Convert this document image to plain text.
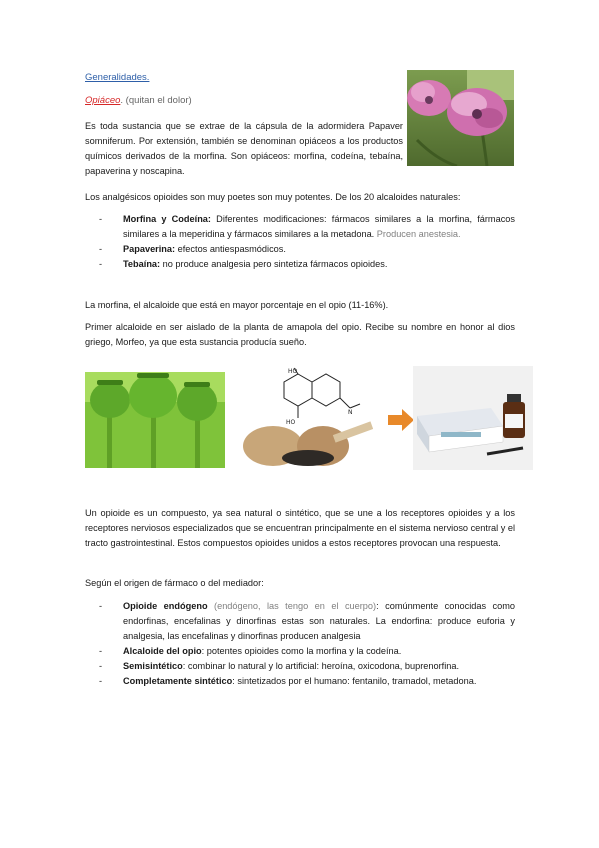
Generalidades.
Opiáceo. (quitan el dolor)
Es toda sustancia que se extrae de la cápsula de la adormidera Papaver somniferum. Por extensión, también se denominan opiáceos a los productos químicos derivados de la morfina. Son opiáceos: morfina, codeína, tebaína, papaverina y noscapina.
Los analgésicos opioides son muy poetes son muy potentes. De los 20 alcaloides naturales:
- Morfina y Codeína: Diferentes modificaciones: fármacos similares a la morfina, fármacos similares a la meperidina y fármacos similares a la metadona. Producen anestesia.
- Papaverina: efectos antiespasmódicos.
- Tebaína: no produce analgesia pero sintetiza fármacos opioides.
La morfina, el alcaloide que está en mayor porcentaje en el opio (11-16%).
Primer alcaloide en ser aislado de la planta de amapola del opio. Recibe su nombre en honor al dios griego, Morfeo, ya que esta sustancia producía sueño.
HO
HO
N
Un opioide es un compuesto, ya sea natural o sintético, que se une a los receptores opioides y a los receptores nerviosos especializados que se encuentran principalmente en el sistema nervioso central y el tracto gastrointestinal. Estos compuestos opioides unidos a estos receptores provocan una respuesta.
Según el origen de fármaco o del mediador:
- Opioide endógeno (endógeno, las tengo en el cuerpo): comúnmente conocidas como endorfinas, encefalinas y dinorfinas estas son naturales. La endorfina: produce euforia y analgesia, las encefalinas y dinorfinas producen analgesia
- Alcaloide del opio: potentes opioides como la morfina y la codeína.
- Semisintético: combinar lo natural y lo artificial: heroína, oxicodona, buprenorfina.
- Completamente sintético: sintetizados por el humano: fentanilo, tramadol, metadona.
